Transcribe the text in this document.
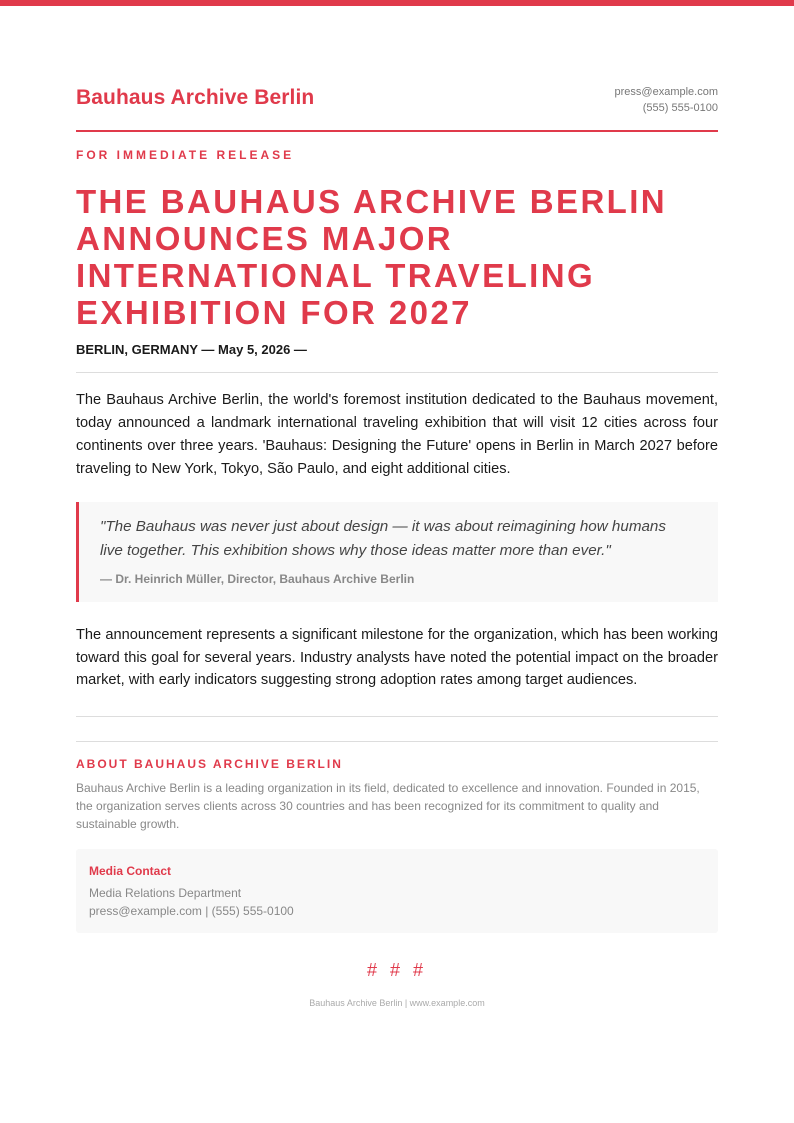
Bauhaus Archive Berlin	press@example.com
(555) 555-0100
FOR IMMEDIATE RELEASE
THE BAUHAUS ARCHIVE BERLIN ANNOUNCES MAJOR INTERNATIONAL TRAVELING EXHIBITION FOR 2027
BERLIN, GERMANY — May 5, 2026 —

The Bauhaus Archive Berlin, the world's foremost institution dedicated to the Bauhaus movement, today announced a landmark international traveling exhibition that will visit 12 cities across four continents over three years. 'Bauhaus: Designing the Future' opens in Berlin in March 2027 before traveling to New York, Tokyo, São Paulo, and eight additional cities.

"The Bauhaus was never just about design — it was about reimagining how humans live together. This exhibition shows why those ideas matter more than ever."

— Dr. Heinrich Müller, Director, Bauhaus Archive Berlin

The announcement represents a significant milestone for the organization, which has been working toward this goal for several years. Industry analysts have noted the potential impact on the broader market, with early indicators suggesting strong adoption rates among target audiences.

ABOUT BAUHAUS ARCHIVE BERLIN

Bauhaus Archive Berlin is a leading organization in its field, dedicated to excellence and innovation. Founded in 2015, the organization serves clients across 30 countries and has been recognized for its commitment to quality and sustainable growth.

Media Contact
Media Relations Department
press@example.com | (555) 555-0100
# # #
Bauhaus Archive Berlin | www.example.com
